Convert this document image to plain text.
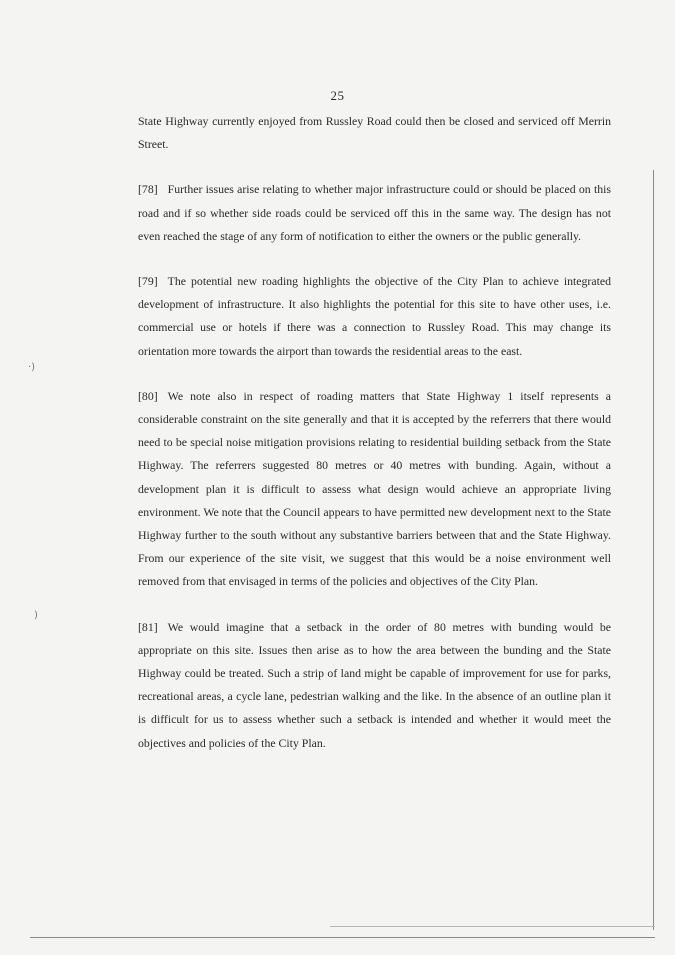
25

State Highway currently enjoyed from Russley Road could then be closed and serviced off Merrin Street.

[78] Further issues arise relating to whether major infrastructure could or should be placed on this road and if so whether side roads could be serviced off this in the same way. The design has not even reached the stage of any form of notification to either the owners or the public generally.

[79] The potential new roading highlights the objective of the City Plan to achieve integrated development of infrastructure. It also highlights the potential for this site to have other uses, i.e. commercial use or hotels if there was a connection to Russley Road. This may change its orientation more towards the airport than towards the residential areas to the east.

[80] We note also in respect of roading matters that State Highway 1 itself represents a considerable constraint on the site generally and that it is accepted by the referrers that there would need to be special noise mitigation provisions relating to residential building setback from the State Highway. The referrers suggested 80 metres or 40 metres with bunding. Again, without a development plan it is difficult to assess what design would achieve an appropriate living environment. We note that the Council appears to have permitted new development next to the State Highway further to the south without any substantive barriers between that and the State Highway. From our experience of the site visit, we suggest that this would be a noise environment well removed from that envisaged in terms of the policies and objectives of the City Plan.

[81] We would imagine that a setback in the order of 80 metres with bunding would be appropriate on this site. Issues then arise as to how the area between the bunding and the State Highway could be treated. Such a strip of land might be capable of improvement for use for parks, recreational areas, a cycle lane, pedestrian walking and the like. In the absence of an outline plan it is difficult for us to assess whether such a setback is intended and whether it would meet the objectives and policies of the City Plan.

·)
)
